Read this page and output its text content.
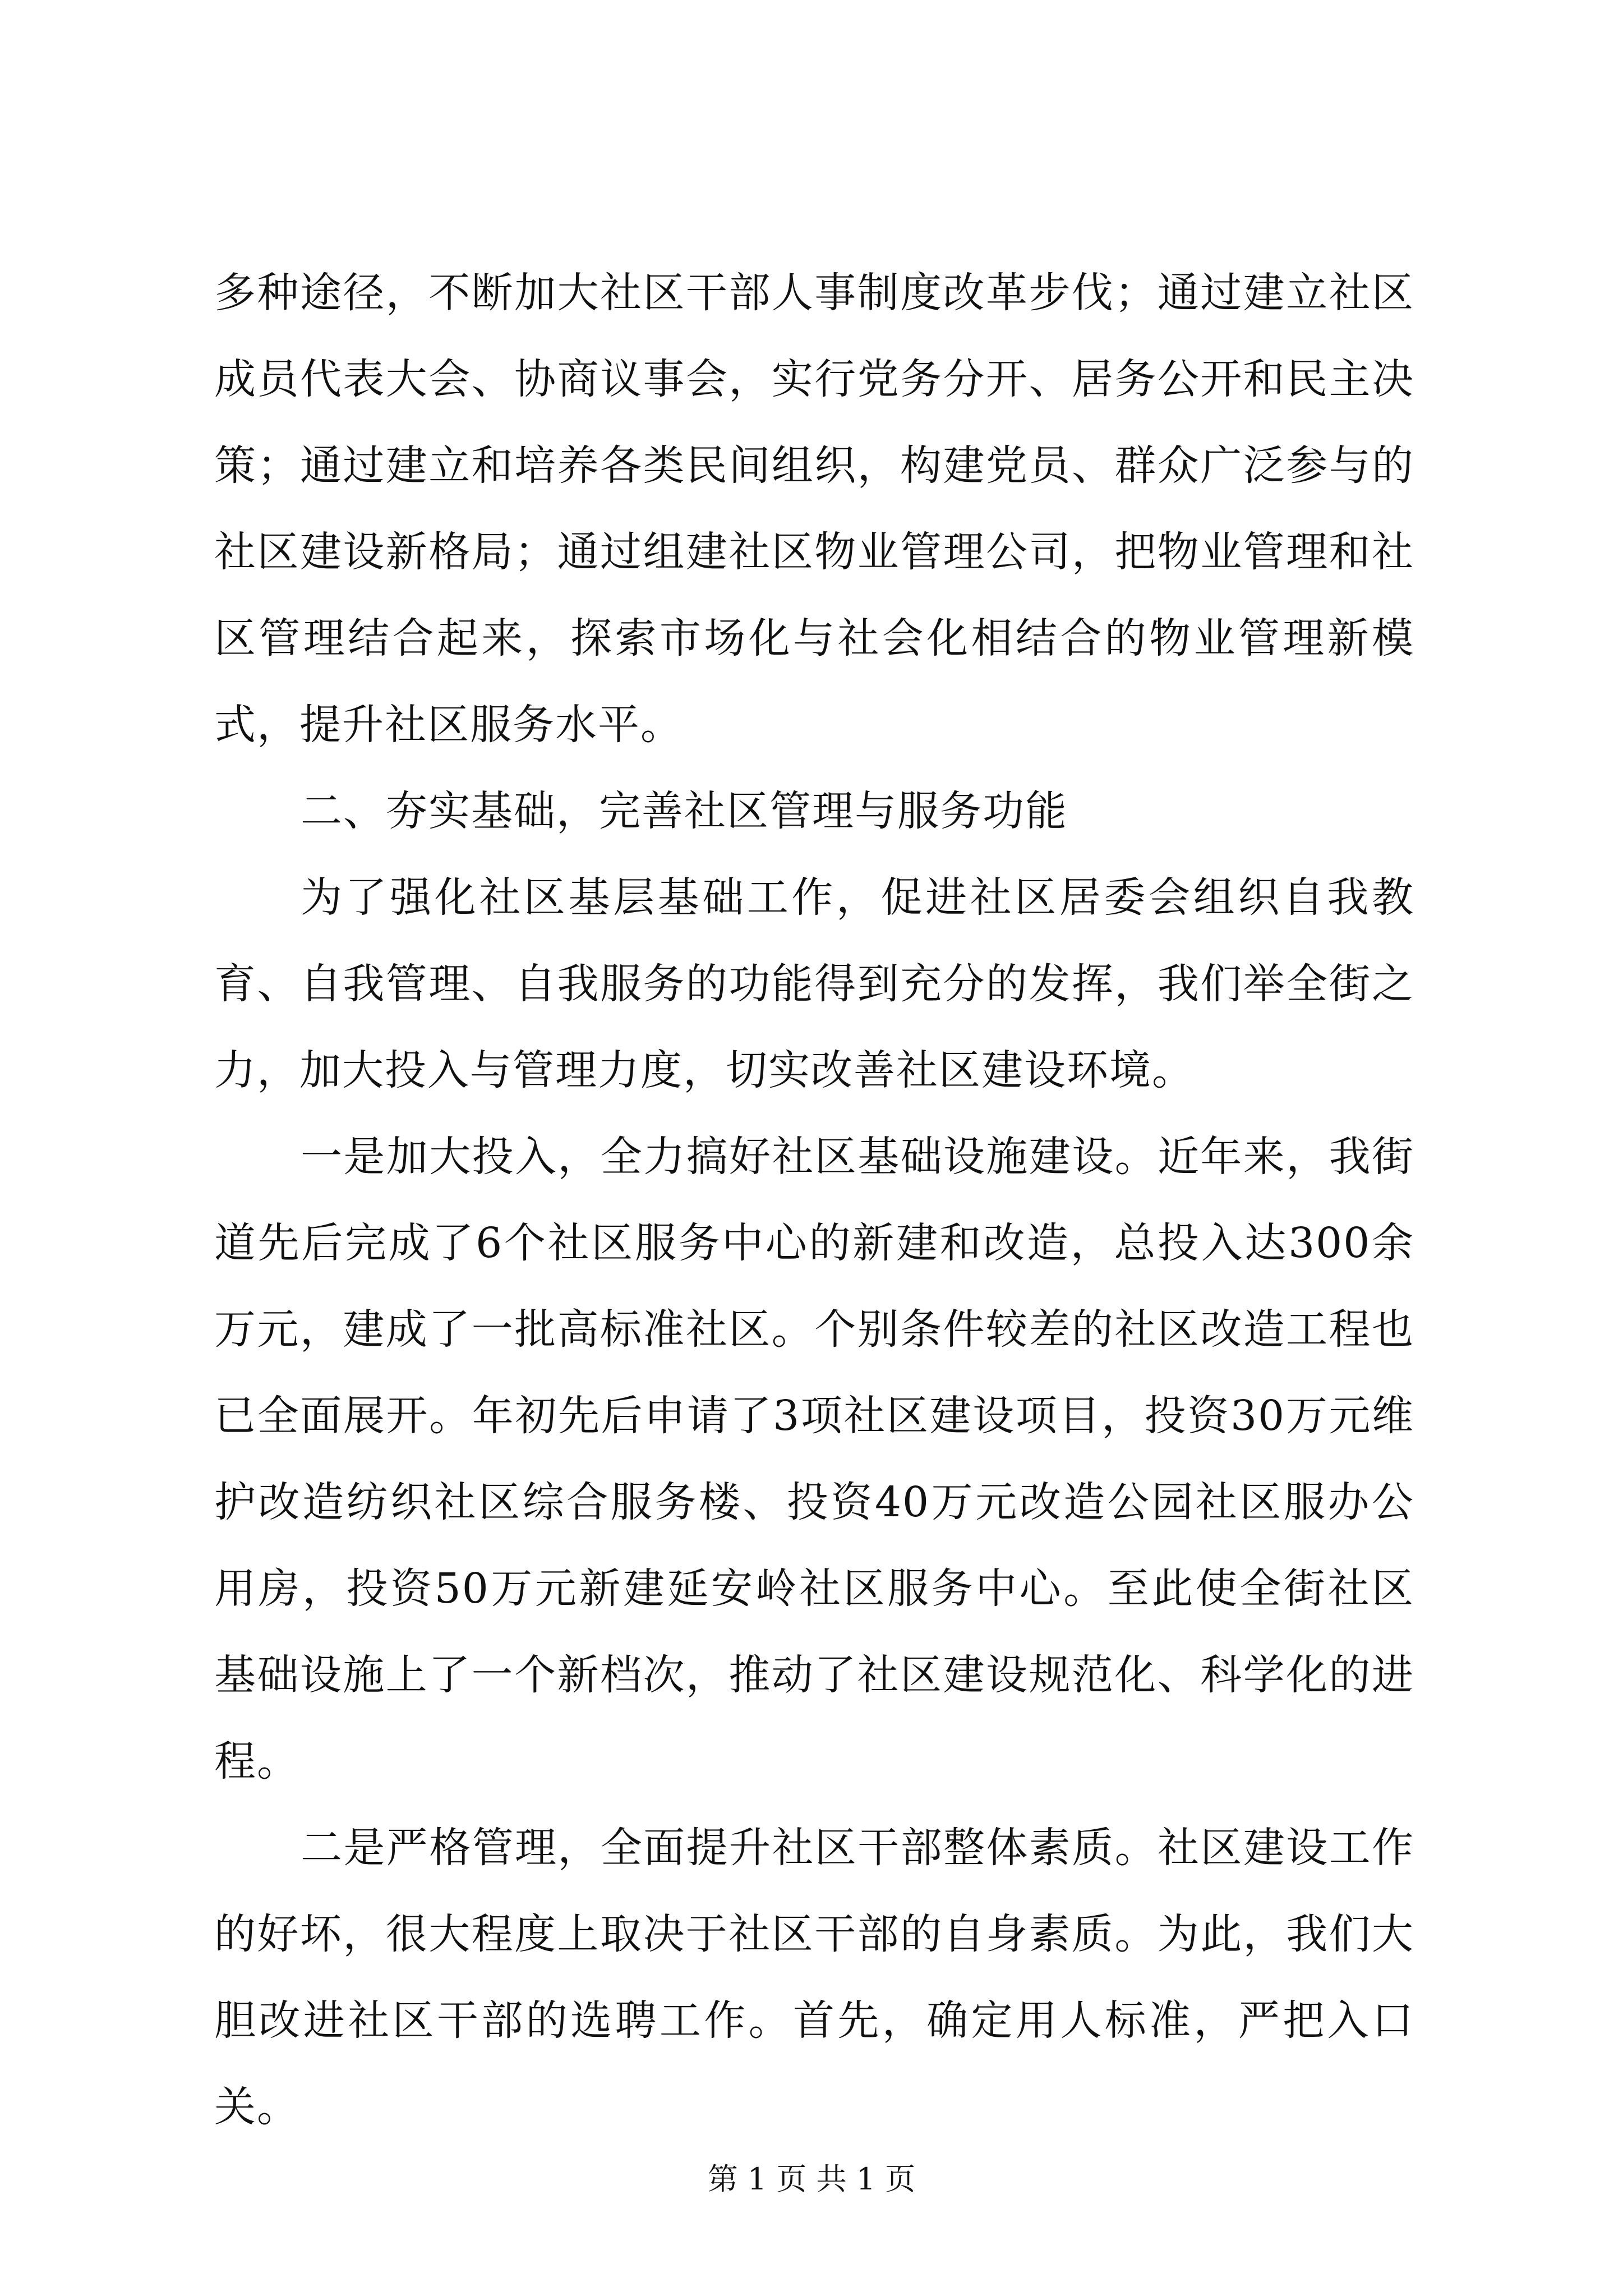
多种途径，不断加大社区干部人事制度改革步伐；通过建立社区成员代表大会、协商议事会，实行党务分开、居务公开和民主决策；通过建立和培养各类民间组织，构建党员、群众广泛参与的社区建设新格局；通过组建社区物业管理公司，把物业管理和社区管理结合起来，探索市场化与社会化相结合的物业管理新模式，提升社区服务水平。

二、夯实基础，完善社区管理与服务功能

为了强化社区基层基础工作，促进社区居委会组织自我教育、自我管理、自我服务的功能得到充分的发挥，我们举全街之力，加大投入与管理力度，切实改善社区建设环境。

一是加大投入，全力搞好社区基础设施建设。近年来，我街道先后完成了6个社区服务中心的新建和改造，总投入达300余万元，建成了一批高标准社区。个别条件较差的社区改造工程也已全面展开。年初先后申请了3项社区建设项目，投资30万元维护改造纺织社区综合服务楼、投资40万元改造公园社区服办公用房，投资50万元新建延安岭社区服务中心。至此使全街社区基础设施上了一个新档次，推动了社区建设规范化、科学化的进程。

二是严格管理，全面提升社区干部整体素质。社区建设工作的好坏，很大程度上取决于社区干部的自身素质。为此，我们大胆改进社区干部的选聘工作。首先，确定用人标准，严把入口关。

第 1 页 共 1 页
